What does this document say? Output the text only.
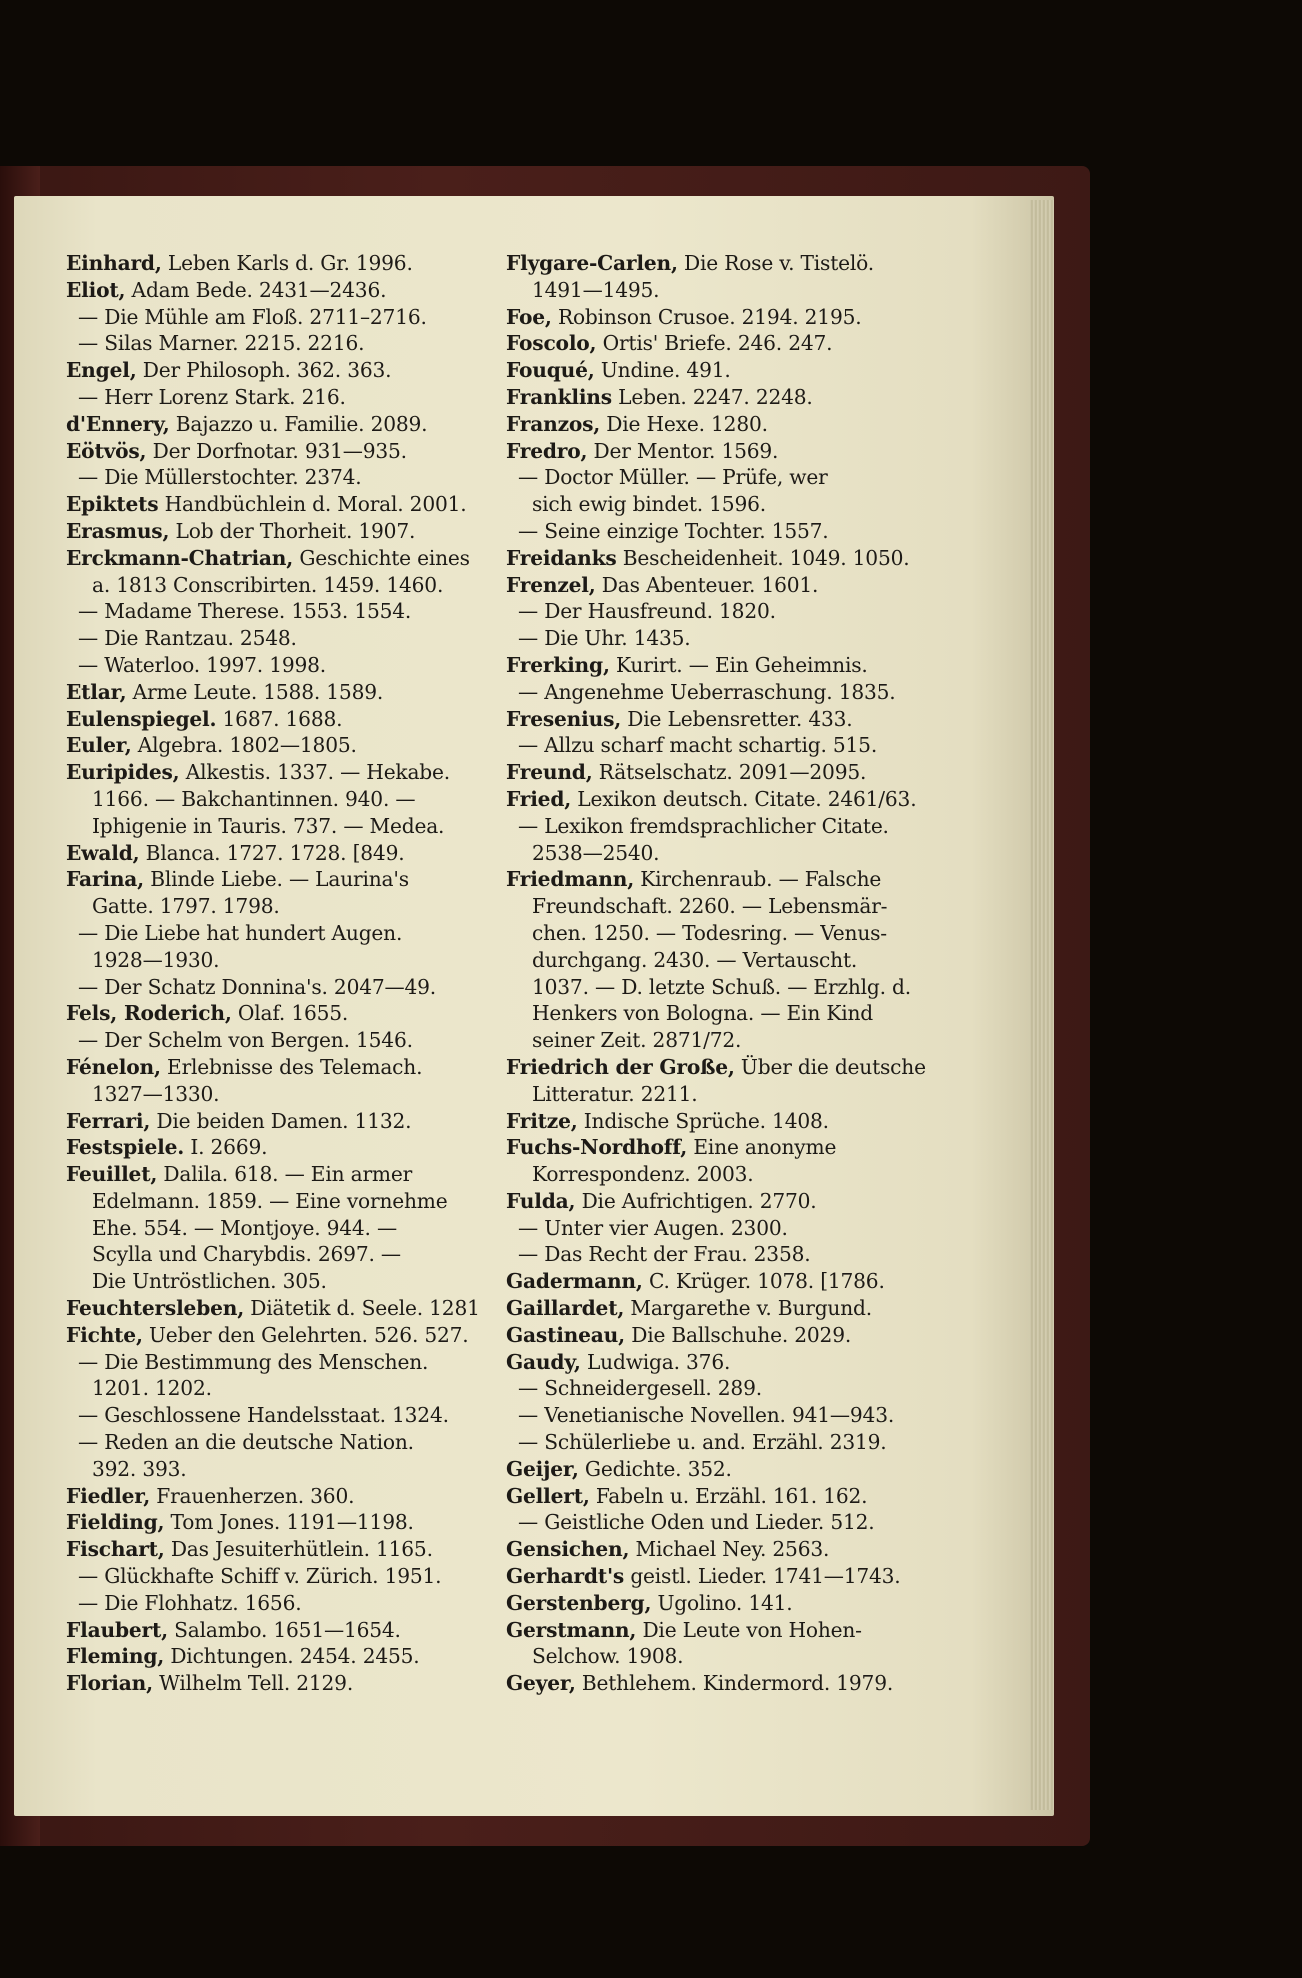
Einhard, Leben Karls d. Gr. 1996.
Eliot, Adam Bede. 2431—2436.
— Die Mühle am Floß. 2711–2716.
— Silas Marner. 2215. 2216.
Engel, Der Philosoph. 362. 363.
— Herr Lorenz Stark. 216.
d'Ennery, Bajazzo u. Familie. 2089.
Eötvös, Der Dorfnotar. 931—935.
— Die Müllerstochter. 2374.
Epiktets Handbüchlein d. Moral. 2001.
Erasmus, Lob der Thorheit. 1907.
Erckmann-Chatrian, Geschichte eines
a. 1813 Conscribirten. 1459. 1460.
— Madame Therese. 1553. 1554.
— Die Rantzau. 2548.
— Waterloo. 1997. 1998.
Etlar, Arme Leute. 1588. 1589.
Eulenspiegel. 1687. 1688.
Euler, Algebra. 1802—1805.
Euripides, Alkestis. 1337. — Hekabe.
1166. — Bakchantinnen. 940. —
Iphigenie in Tauris. 737. — Medea.
Ewald, Blanca. 1727. 1728. [849.
Farina, Blinde Liebe. — Laurina's
Gatte. 1797. 1798.
— Die Liebe hat hundert Augen.
1928—1930.
— Der Schatz Donnina's. 2047—49.
Fels, Roderich, Olaf. 1655.
— Der Schelm von Bergen. 1546.
Fénelon, Erlebnisse des Telemach.
1327—1330.
Ferrari, Die beiden Damen. 1132.
Festspiele. I. 2669.
Feuillet, Dalila. 618. — Ein armer
Edelmann. 1859. — Eine vornehme
Ehe. 554. — Montjoye. 944. —
Scylla und Charybdis. 2697. —
Die Untröstlichen. 305.
Feuchtersleben, Diätetik d. Seele. 1281
Fichte, Ueber den Gelehrten. 526. 527.
— Die Bestimmung des Menschen.
1201. 1202.
— Geschlossene Handelsstaat. 1324.
— Reden an die deutsche Nation.
392. 393.
Fiedler, Frauenherzen. 360.
Fielding, Tom Jones. 1191—1198.
Fischart, Das Jesuiterhütlein. 1165.
— Glückhafte Schiff v. Zürich. 1951.
— Die Flohhatz. 1656.
Flaubert, Salambo. 1651—1654.
Fleming, Dichtungen. 2454. 2455.
Florian, Wilhelm Tell. 2129.
Flygare-Carlen, Die Rose v. Tistelö.
1491—1495.
Foe, Robinson Crusoe. 2194. 2195.
Foscolo, Ortis' Briefe. 246. 247.
Fouqué, Undine. 491.
Franklins Leben. 2247. 2248.
Franzos, Die Hexe. 1280.
Fredro, Der Mentor. 1569.
— Doctor Müller. — Prüfe, wer
sich ewig bindet. 1596.
— Seine einzige Tochter. 1557.
Freidanks Bescheidenheit. 1049. 1050.
Frenzel, Das Abenteuer. 1601.
— Der Hausfreund. 1820.
— Die Uhr. 1435.
Frerking, Kurirt. — Ein Geheimnis.
— Angenehme Ueberraschung. 1835.
Fresenius, Die Lebensretter. 433.
— Allzu scharf macht schartig. 515.
Freund, Rätselschatz. 2091—2095.
Fried, Lexikon deutsch. Citate. 2461/63.
— Lexikon fremdsprachlicher Citate.
2538—2540.
Friedmann, Kirchenraub. — Falsche
Freundschaft. 2260. — Lebensmär-
chen. 1250. — Todesring. — Venus-
durchgang. 2430. — Vertauscht.
1037. — D. letzte Schuß. — Erzhlg. d.
Henkers von Bologna. — Ein Kind
seiner Zeit. 2871/72.
Friedrich der Große, Über die deutsche
Litteratur. 2211.
Fritze, Indische Sprüche. 1408.
Fuchs-Nordhoff, Eine anonyme
Korrespondenz. 2003.
Fulda, Die Aufrichtigen. 2770.
— Unter vier Augen. 2300.
— Das Recht der Frau. 2358.
Gadermann, C. Krüger. 1078. [1786.
Gaillardet, Margarethe v. Burgund.
Gastineau, Die Ballschuhe. 2029.
Gaudy, Ludwiga. 376.
— Schneidergesell. 289.
— Venetianische Novellen. 941—943.
— Schülerliebe u. and. Erzähl. 2319.
Geijer, Gedichte. 352.
Gellert, Fabeln u. Erzähl. 161. 162.
— Geistliche Oden und Lieder. 512.
Gensichen, Michael Ney. 2563.
Gerhardt's geistl. Lieder. 1741—1743.
Gerstenberg, Ugolino. 141.
Gerstmann, Die Leute von Hohen-
Selchow. 1908.
Geyer, Bethlehem. Kindermord. 1979.
